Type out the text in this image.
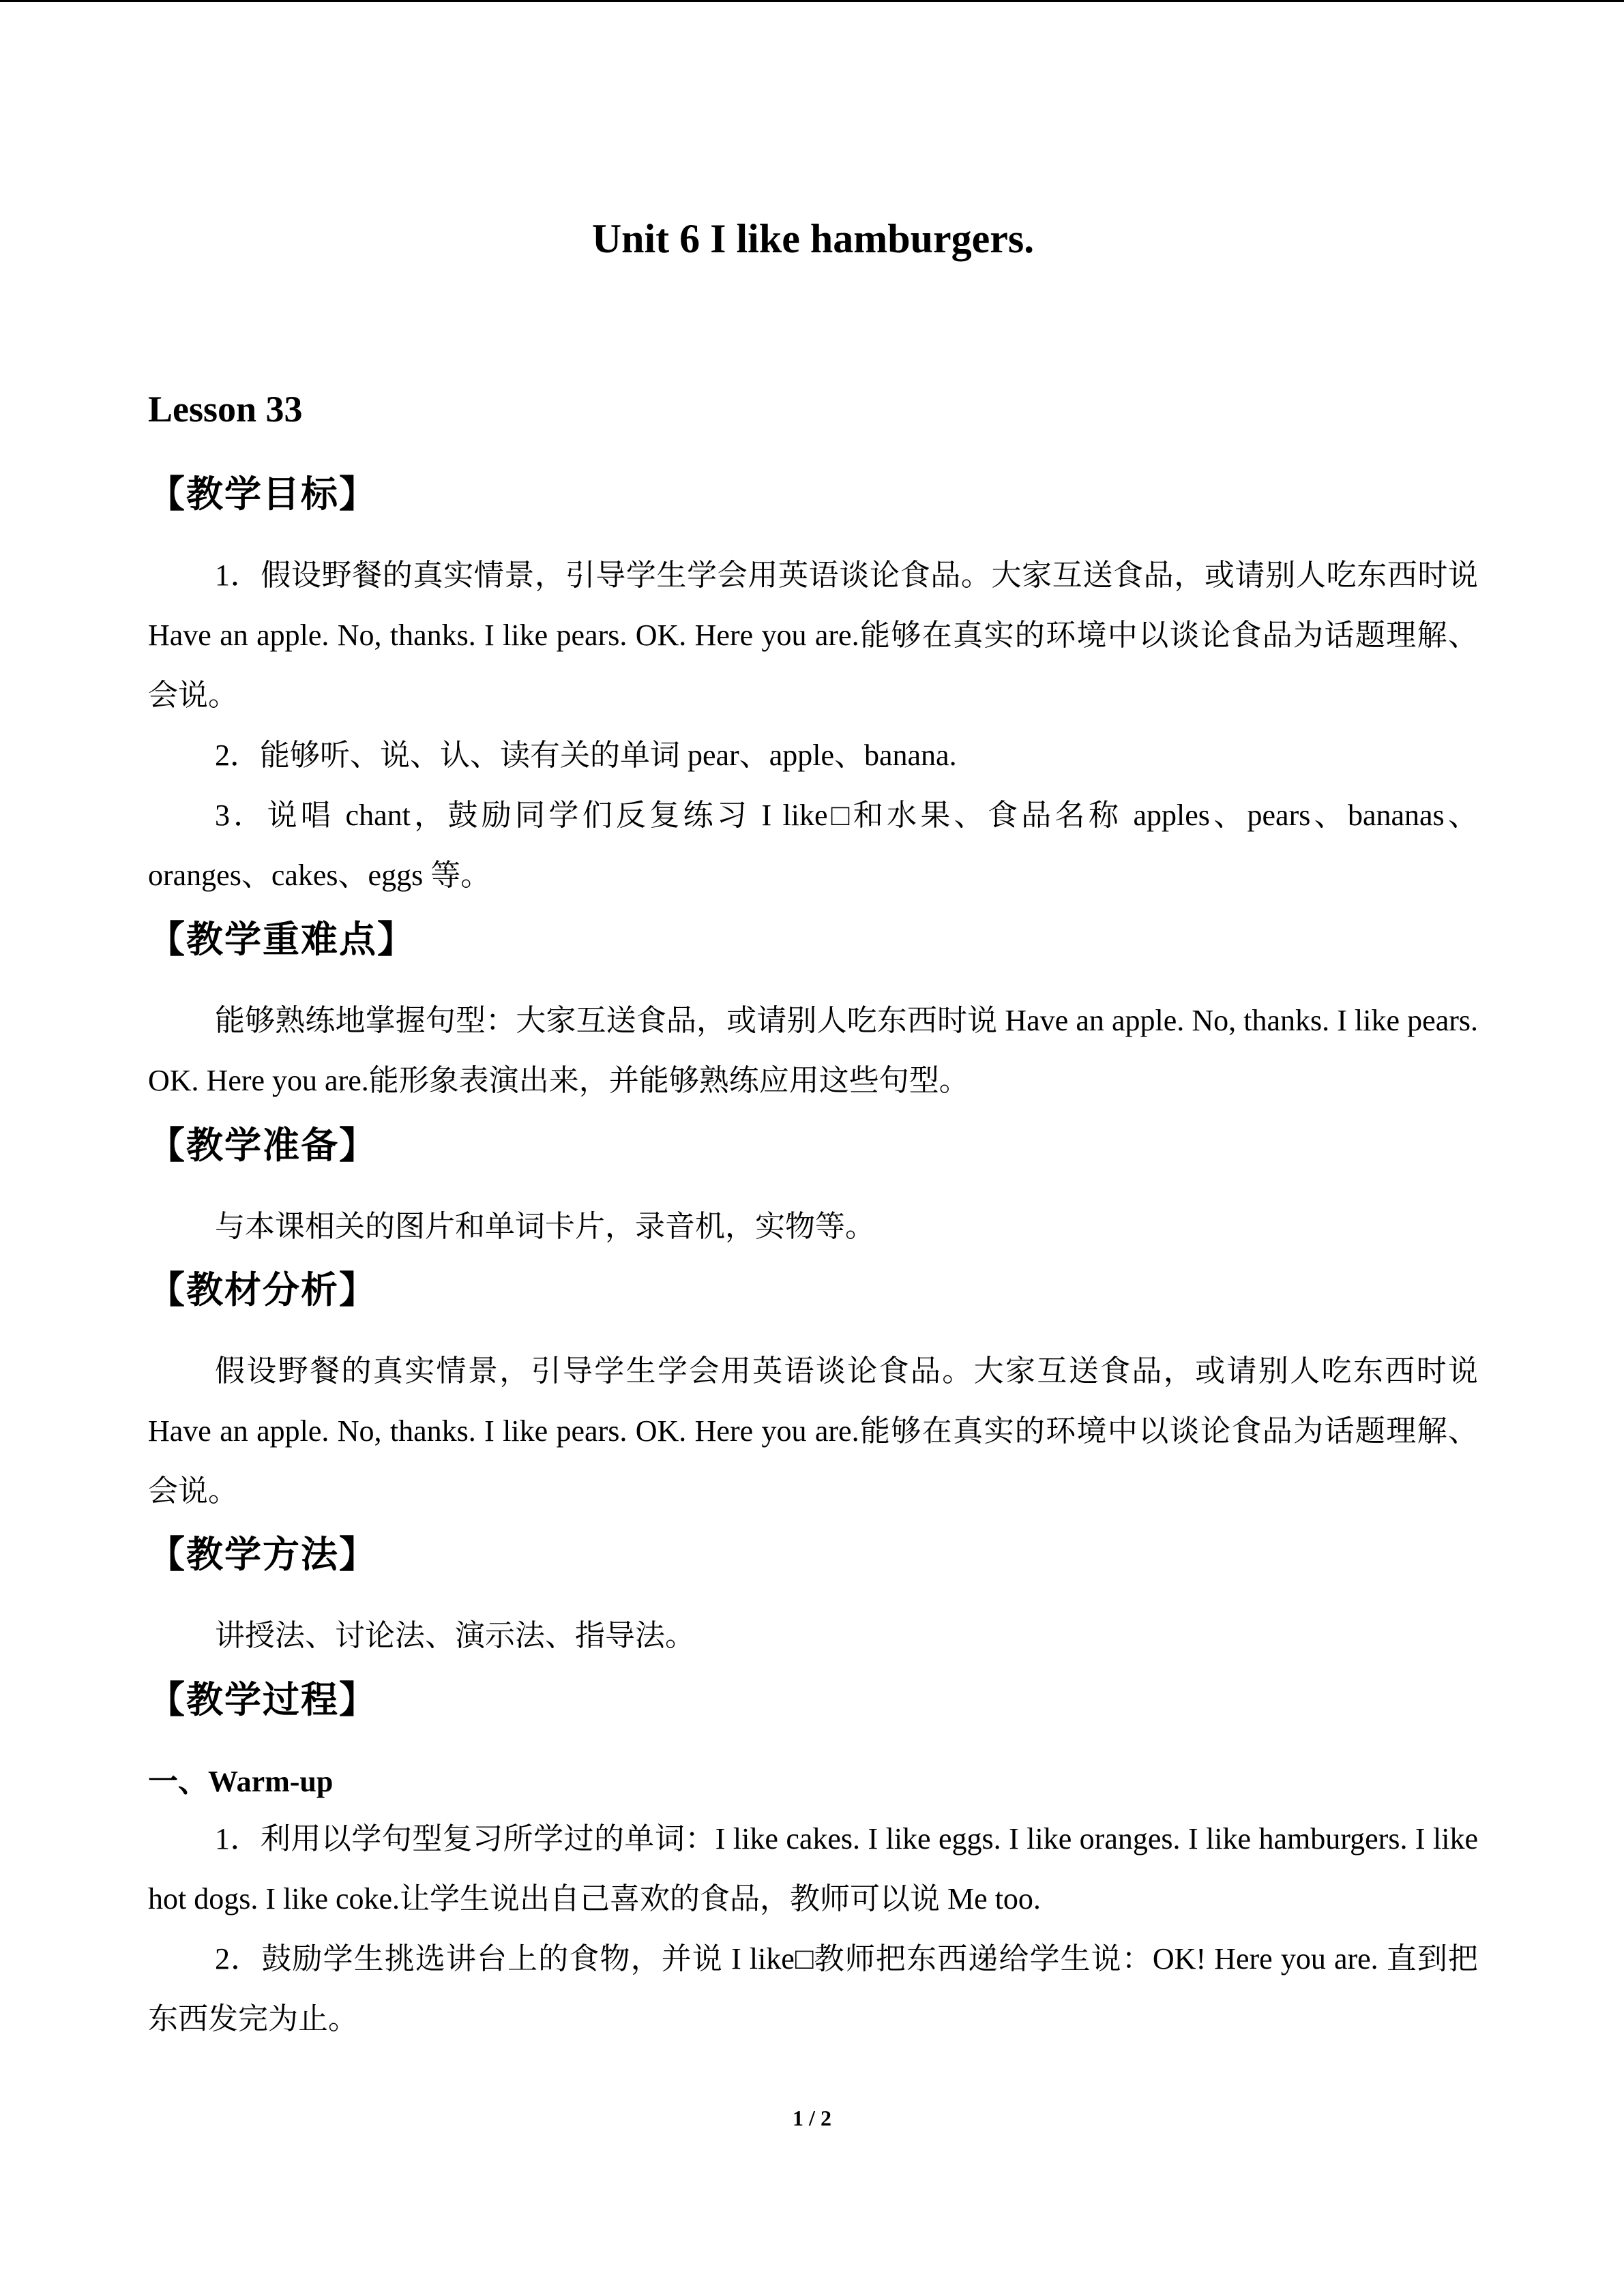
Unit 6 I like hamburgers.
Lesson 33
【教学目标】

1．假设野餐的真实情景，引导学生学会用英语谈论食品。大家互送食品，或请别人吃东西时说 Have an apple. No, thanks. I like pears. OK. Here you are.能够在真实的环境中以谈论食品为话题理解、会说。

2．能够听、说、认、读有关的单词 pear、apple、banana.

3．说唱 chant，鼓励同学们反复练习 I like□和水果、食品名称 apples、pears、bananas、oranges、cakes、eggs 等。

【教学重难点】

能够熟练地掌握句型：大家互送食品，或请别人吃东西时说 Have an apple. No, thanks. I like pears. OK. Here you are.能形象表演出来，并能够熟练应用这些句型。

【教学准备】

与本课相关的图片和单词卡片，录音机，实物等。

【教材分析】

假设野餐的真实情景，引导学生学会用英语谈论食品。大家互送食品，或请别人吃东西时说 Have an apple. No, thanks. I like pears. OK. Here you are.能够在真实的环境中以谈论食品为话题理解、会说。

【教学方法】

讲授法、讨论法、演示法、指导法。

【教学过程】

一、Warm-up

1．利用以学句型复习所学过的单词：I like cakes. I like eggs. I like oranges. I like hamburgers. I like hot dogs. I like coke.让学生说出自己喜欢的食品，教师可以说 Me too.

2．鼓励学生挑选讲台上的食物，并说 I like□教师把东西递给学生说：OK! Here you are. 直到把东西发完为止。

1 / 2
